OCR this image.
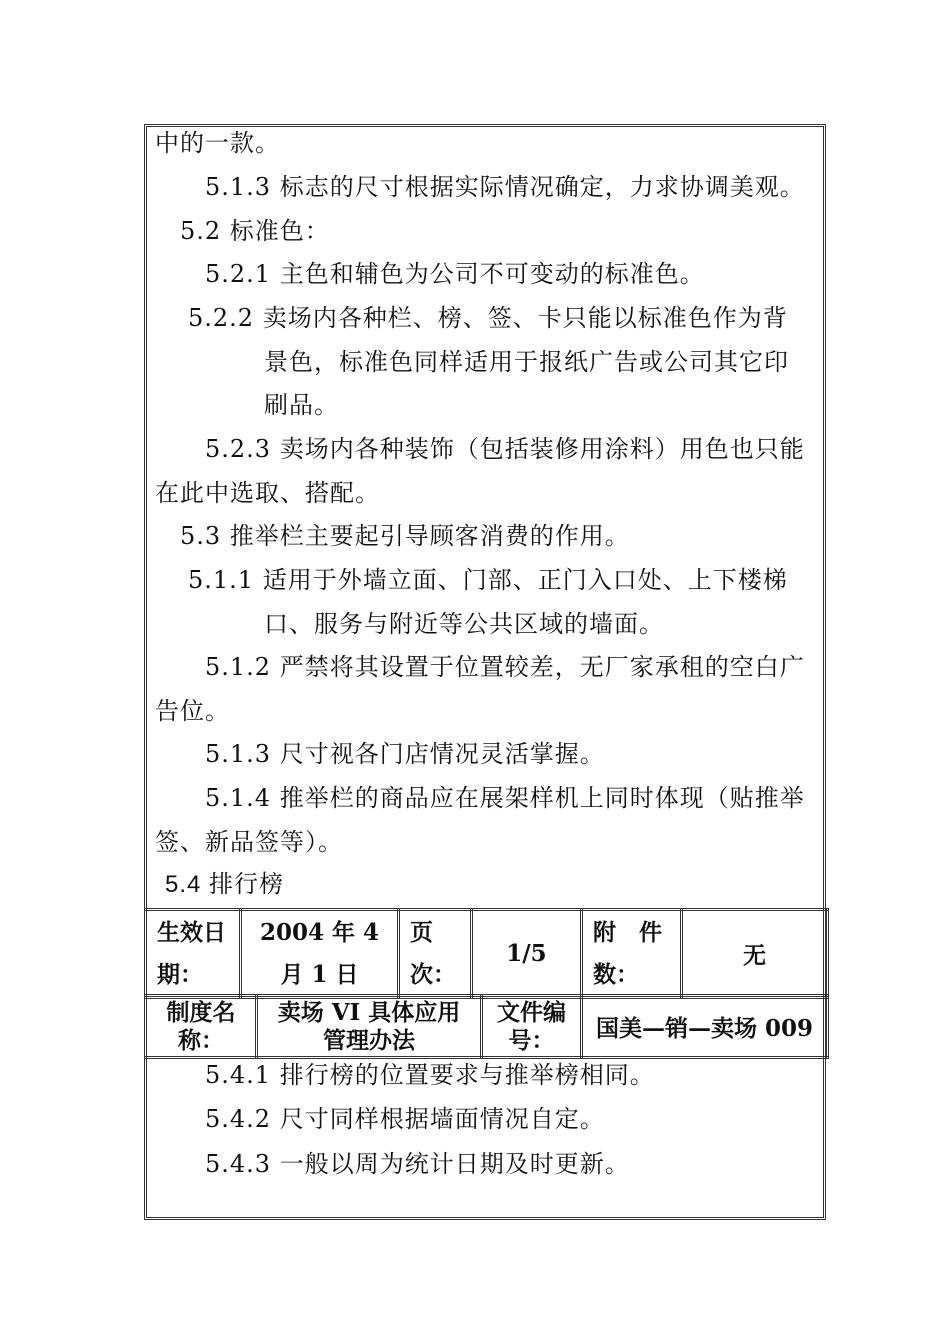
中的一款。
5.1.3 标志的尺寸根据实际情况确定，力求协调美观。
5.2 标准色：
5.2.1 主色和辅色为公司不可变动的标准色。
5.2.2 卖场内各种栏、榜、签、卡只能以标准色作为背
景色，标准色同样适用于报纸广告或公司其它印
刷品。
5.2.3 卖场内各种装饰（包括装修用涂料）用色也只能
在此中选取、搭配。
5.3 推举栏主要起引导顾客消费的作用。
5.1.1 适用于外墙立面、门部、正门入口处、上下楼梯
口、服务与附近等公共区域的墙面。
5.1.2 严禁将其设置于位置较差，无厂家承租的空白广
告位。
5.1.3 尺寸视各门店情况灵活掌握。
5.1.4 推举栏的商品应在展架样机上同时体现（贴推举
签、新品签等）。
5.4 排行榜
生效日期：	2004 年 4 月 1 日	页次：	1/5	附　件数：	无
制度名称：	卖场 VI 具体应用管理办法	文件编号：	国美—销—卖场 009
5.4.1 排行榜的位置要求与推举榜相同。
5.4.2 尺寸同样根据墙面情况自定。
5.4.3 一般以周为统计日期及时更新。
